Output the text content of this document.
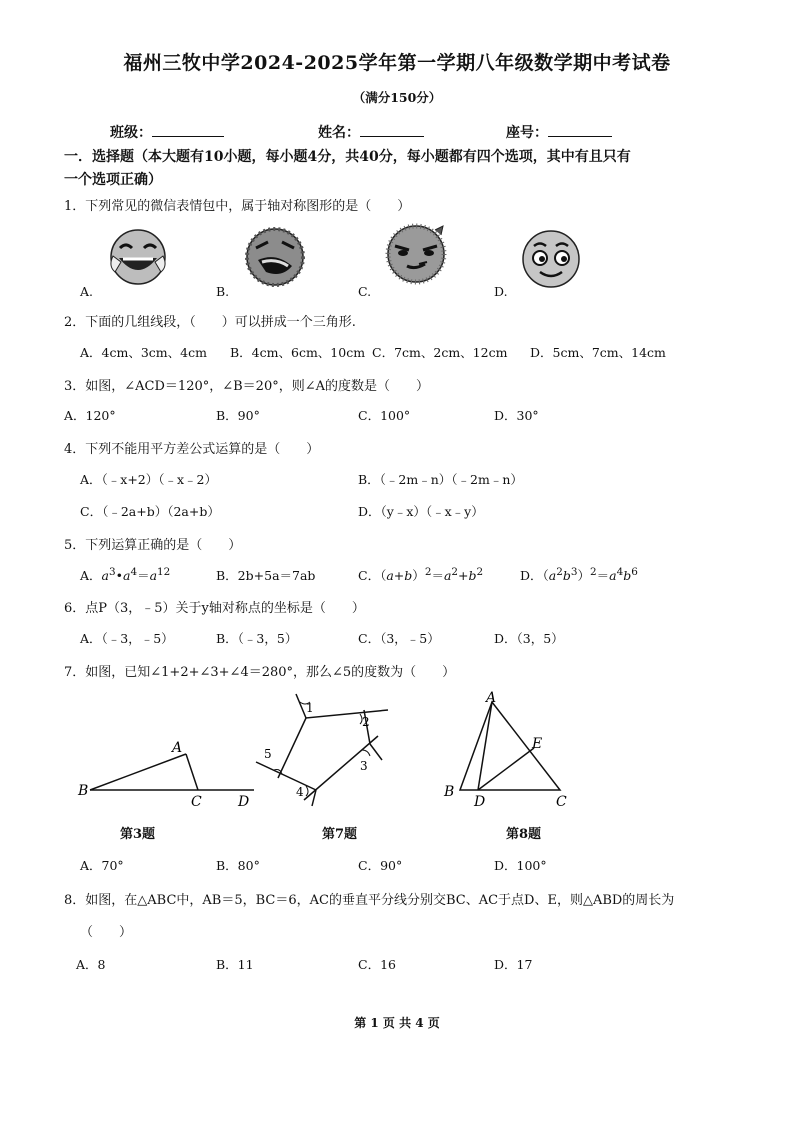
福州三牧中学2024-2025学年第一学期八年级数学期中考试卷
（满分150分）
班级：	姓名：	座号：
一．选择题（本大题有10小题，每小题4分，共40分，每小题都有四个选项，其中有且只有
一个选项正确）
1．下列常见的微信表情包中，属于轴对称图形的是（　　）
A.	B.	C.	D.
2．下面的几组线段，（　　）可以拼成一个三角形.
A．4cm、3cm、4cm B．4cm、6cm、10cm C．7cm、2cm、12cm D．5cm、7cm、14cm
3．如图，∠ACD＝120°，∠B＝20°，则∠A的度数是（　　）
A．120°	B．90°	C．100°	D．30°
4．下列不能用平方差公式运算的是（　　）
A．（﹣x+2）（﹣x﹣2）	B．（﹣2m﹣n）（﹣2m﹣n）
C．（﹣2a+b）（2a+b）	D．（y﹣x）（﹣x﹣y）
5．下列运算正确的是（　　）
A．$a^3•a^4=a^{12}$	B．2b+5a＝7ab	C．$(a+b)^2=a^2+b^2$	D．$(a^2b^3)^2=a^4b^6$
6．点P（3，﹣5）关于y轴对称点的坐标是（　　）
A．（﹣3，﹣5）	B．（﹣3，5）	C．（3，﹣5）	D．（3，5）
7．如图，已知∠1+2+∠3+∠4＝280°，那么∠5的度数为（　　）
A
B
C	D
第3题
1
2
3
4
5
第7题
A
B
C
D
E
第8题
A．70°	B．80°	C．90°	D．100°
8．如图，在△ABC中，AB＝5，BC＝6，AC的垂直平分线分别交BC、AC于点D、E，则△ABD的周长为
（　　）
A．8	B．11	C．16	D．17
第 1 页 共 4 页
